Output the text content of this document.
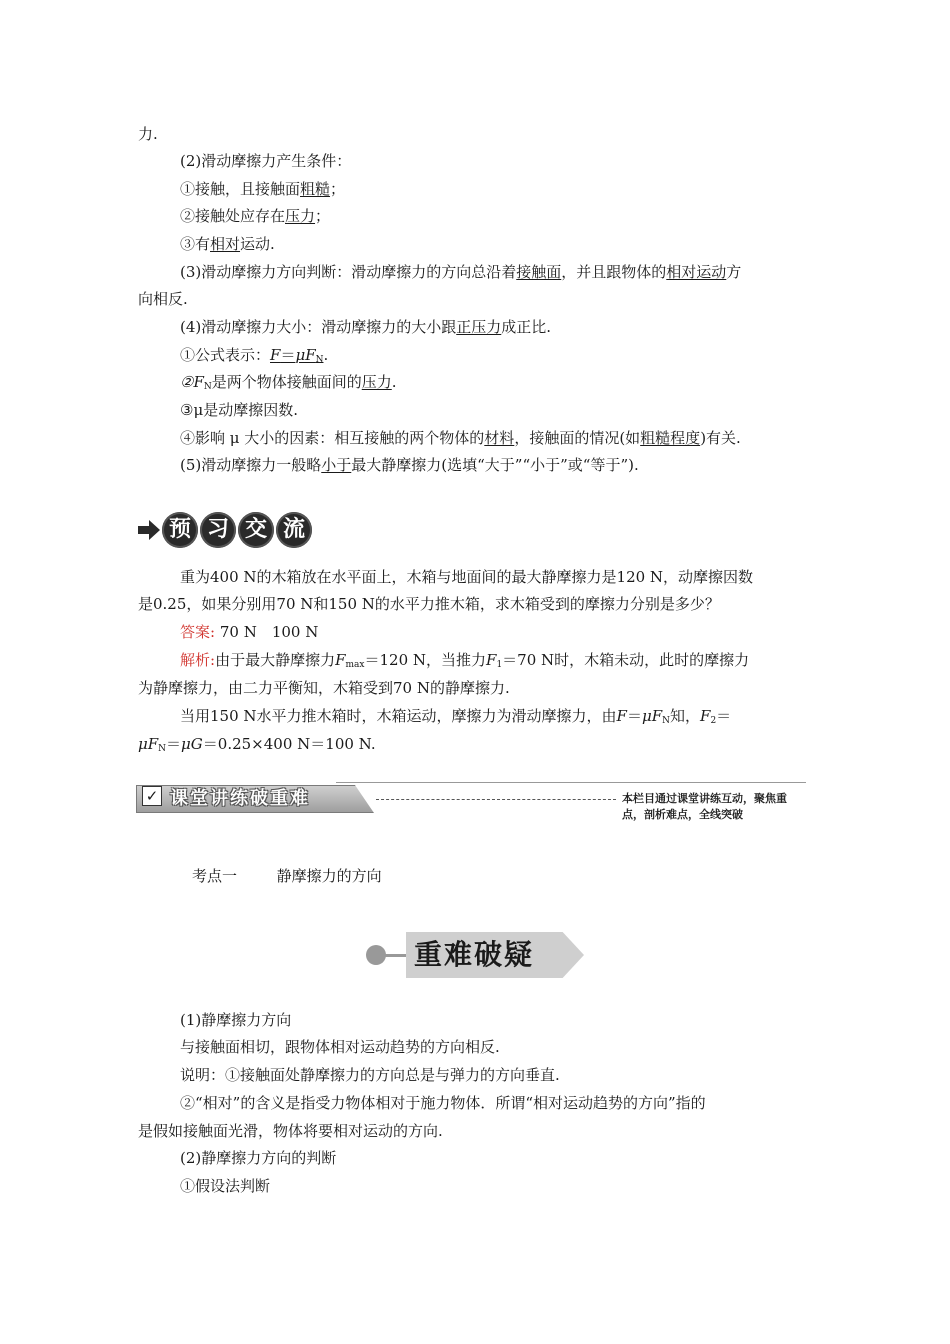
力.
(2)滑动摩擦力产生条件：
①接触，且接触面粗糙；
②接触处应存在压力；
③有相对运动.
(3)滑动摩擦力方向判断：滑动摩擦力的方向总沿着接触面，并且跟物体的相对运动方
向相反.
(4)滑动摩擦力大小：滑动摩擦力的大小跟正压力成正比.
①公式表示：$F=\mu F_N$.
$②F_N$是两个物体接触面间的压力.
③μ是动摩擦因数.
④影响 μ 大小的因素：相互接触的两个物体的材料，接触面的情况(如粗糙程度)有关.
(5)滑动摩擦力一般略小于最大静摩擦力(选填“大于”“小于”或“等于”).
预 习 交 流
重为400 N的木箱放在水平面上，木箱与地面间的最大静摩擦力是120 N，动摩擦因数
是0.25，如果分别用70 N和150 N的水平力推木箱，求木箱受到的摩擦力分别是多少？
答案: 70 N　100 N
解析:由于最大静摩擦力$F_{max}=120$ N，当推力$F_1=70$ N时，木箱未动，此时的摩擦力
为静摩擦力，由二力平衡知，木箱受到70 N的静摩擦力.
当用150 N水平力推木箱时，木箱运动，摩擦力为滑动摩擦力，由$F=\mu F_N$知，$F_2=$
$\mu F_N=\mu G=0.25\times 400$ N＝100 N.
✓ 课堂讲练破重难	本栏目通过课堂讲练互动，聚焦重点，剖析难点，全线突破
考点一	静摩擦力的方向
重难破疑
(1)静摩擦力方向
与接触面相切，跟物体相对运动趋势的方向相反.
说明：①接触面处静摩擦力的方向总是与弹力的方向垂直.
②“相对”的含义是指受力物体相对于施力物体．所谓“相对运动趋势的方向”指的
是假如接触面光滑，物体将要相对运动的方向.
(2)静摩擦力方向的判断
①假设法判断
